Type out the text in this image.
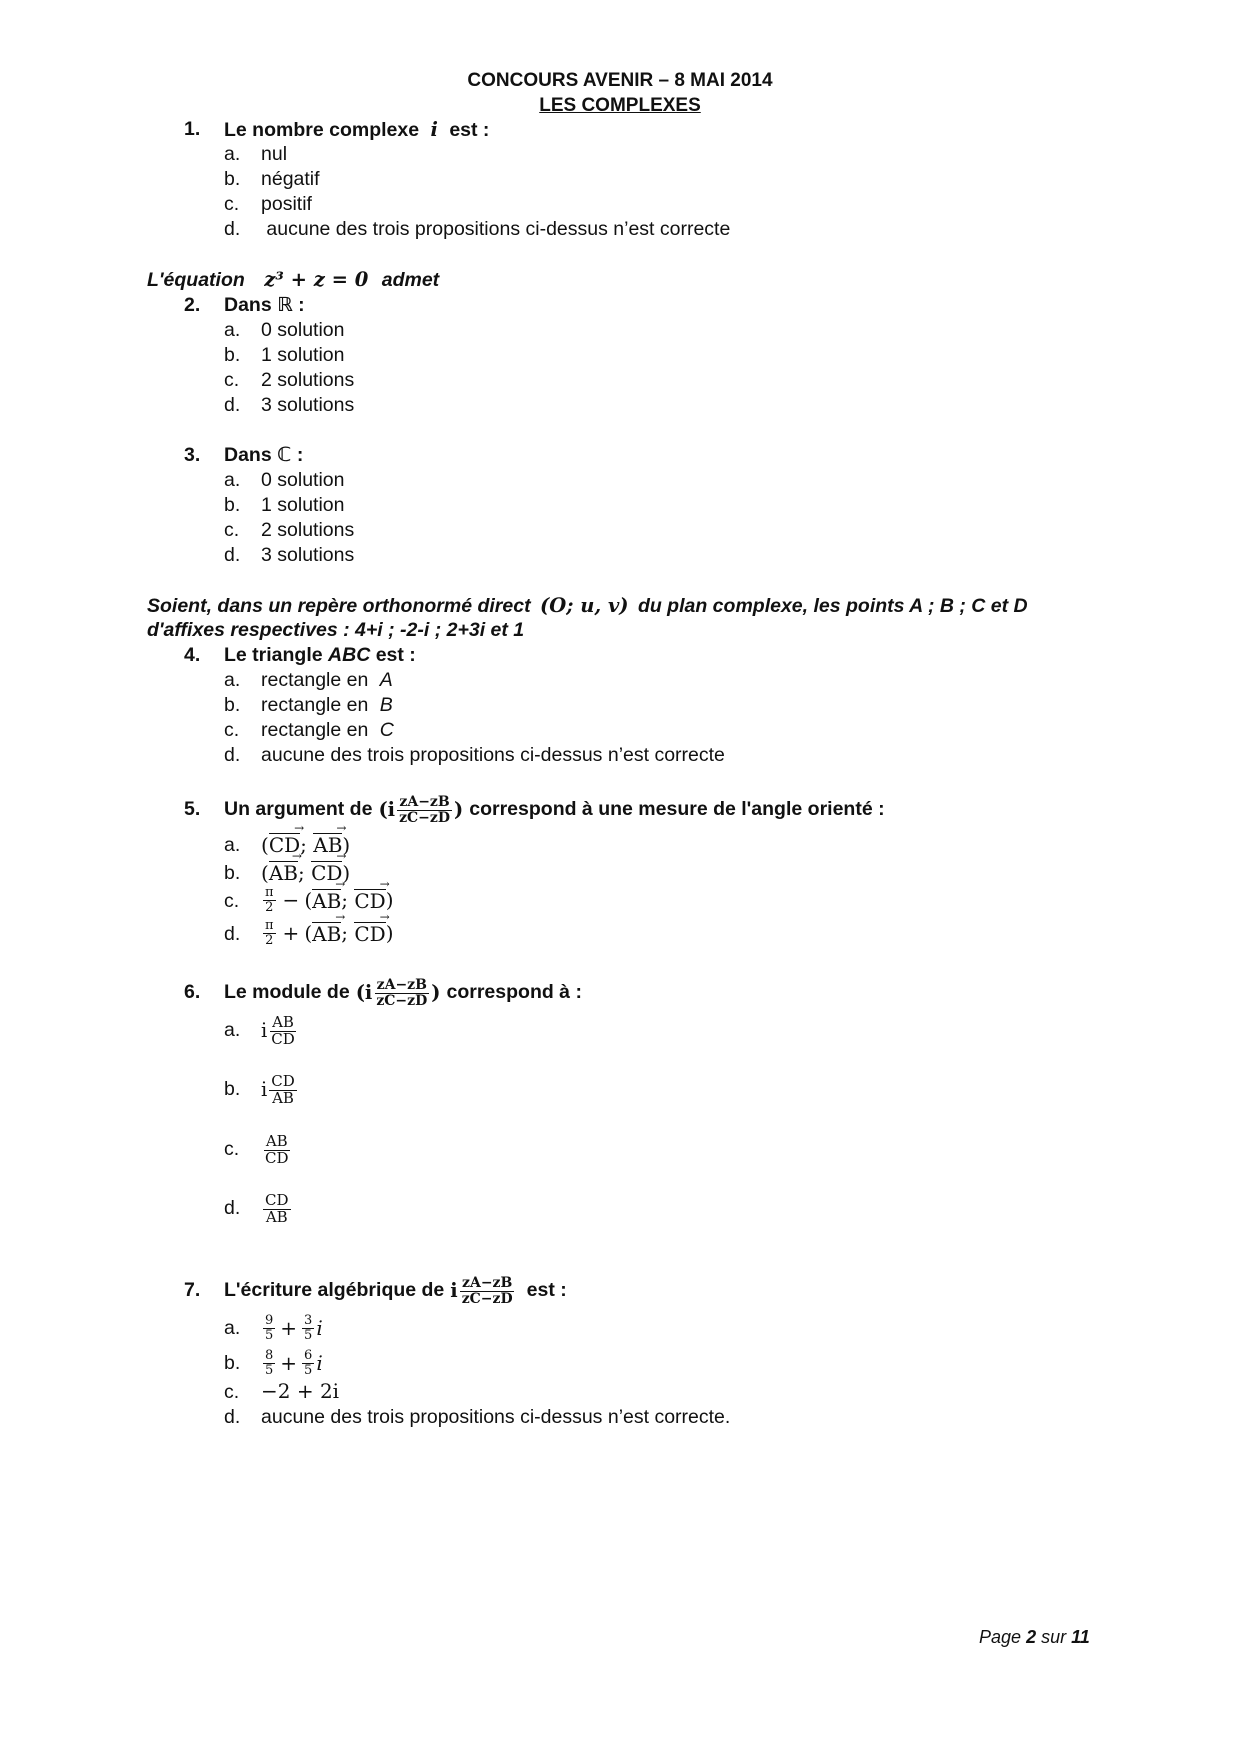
CONCOURS AVENIR – 8 MAI 2014
LES COMPLEXES
1. Le nombre complexe i est :
a. nul
b. négatif
c. positif
d. aucune des trois propositions ci-dessus n’est correcte
L'équation z³ + z = 0 admet
2. Dans ℝ :
a. 0 solution
b. 1 solution
c. 2 solutions
d. 3 solutions
3. Dans ℂ :
a. 0 solution
b. 1 solution
c. 2 solutions
d. 3 solutions
Soient, dans un repère orthonormé direct (O; u, v) du plan complexe, les points A ; B ; C et D
d'affixes respectives : 4+i ; -2-i ; 2+3i et 1
4. Le triangle ABC est :
a. rectangle en A
b. rectangle en B
c. rectangle en C
d. aucune des trois propositions ci-dessus n’est correcte
5. Un argument de ( i $\frac{zA-zB}{zC-zD}$ ) correspond à une mesure de l'angle orienté :
a. (CD →; AB →)
b. (AB →; CD →)
c. $\frac{\pi}{2}$ − ( AB → ;
CD → )
d. $\frac{\pi}{2}$ + ( AB → ;
CD → )
6. Le module de ( i $\frac{zA-zB}{zC-zD}$ ) correspond à :
a. i $\frac{AB}{CD}$
b. i $\frac{CD}{AB}$
c. $\frac{AB}{CD}$
d. $\frac{CD}{AB}$
7. L'écriture algébrique de i $\frac{zA-zB}{zC-zD}$ est :
a. $\frac{9}{5} + \frac{3}{5}$ i
b. $\frac{8}{5} + \frac{6}{5}$ i
c. −2 + 2i
d. aucune des trois propositions ci-dessus n’est correcte.
Page 2 sur 11
